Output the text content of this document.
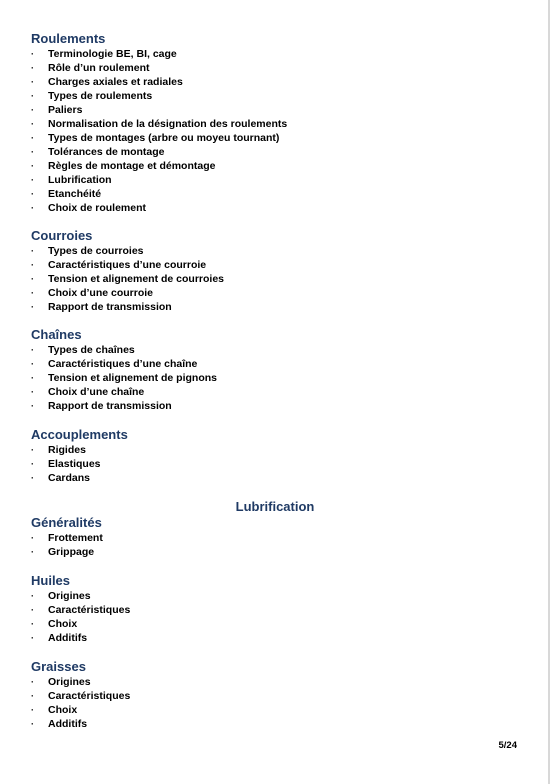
Roulements
· Terminologie BE, BI, cage
· Rôle d’un roulement
· Charges axiales et radiales
· Types de roulements
· Paliers
· Normalisation de la désignation des roulements
· Types de montages (arbre ou moyeu tournant)
· Tolérances de montage
· Règles de montage et démontage
· Lubrification
· Etanchéité
· Choix de roulement
Courroies
· Types de courroies
· Caractéristiques d’une courroie
· Tension et alignement de courroies
· Choix d’une courroie
· Rapport de transmission
Chaînes
· Types de chaînes
· Caractéristiques d’une chaîne
· Tension et alignement de pignons
· Choix d’une chaîne
· Rapport de transmission
Accouplements
· Rigides
· Elastiques
· Cardans
Lubrification
Généralités
· Frottement
· Grippage
Huiles
· Origines
· Caractéristiques
· Choix
· Additifs
Graisses
· Origines
· Caractéristiques
· Choix
· Additifs
5/24
